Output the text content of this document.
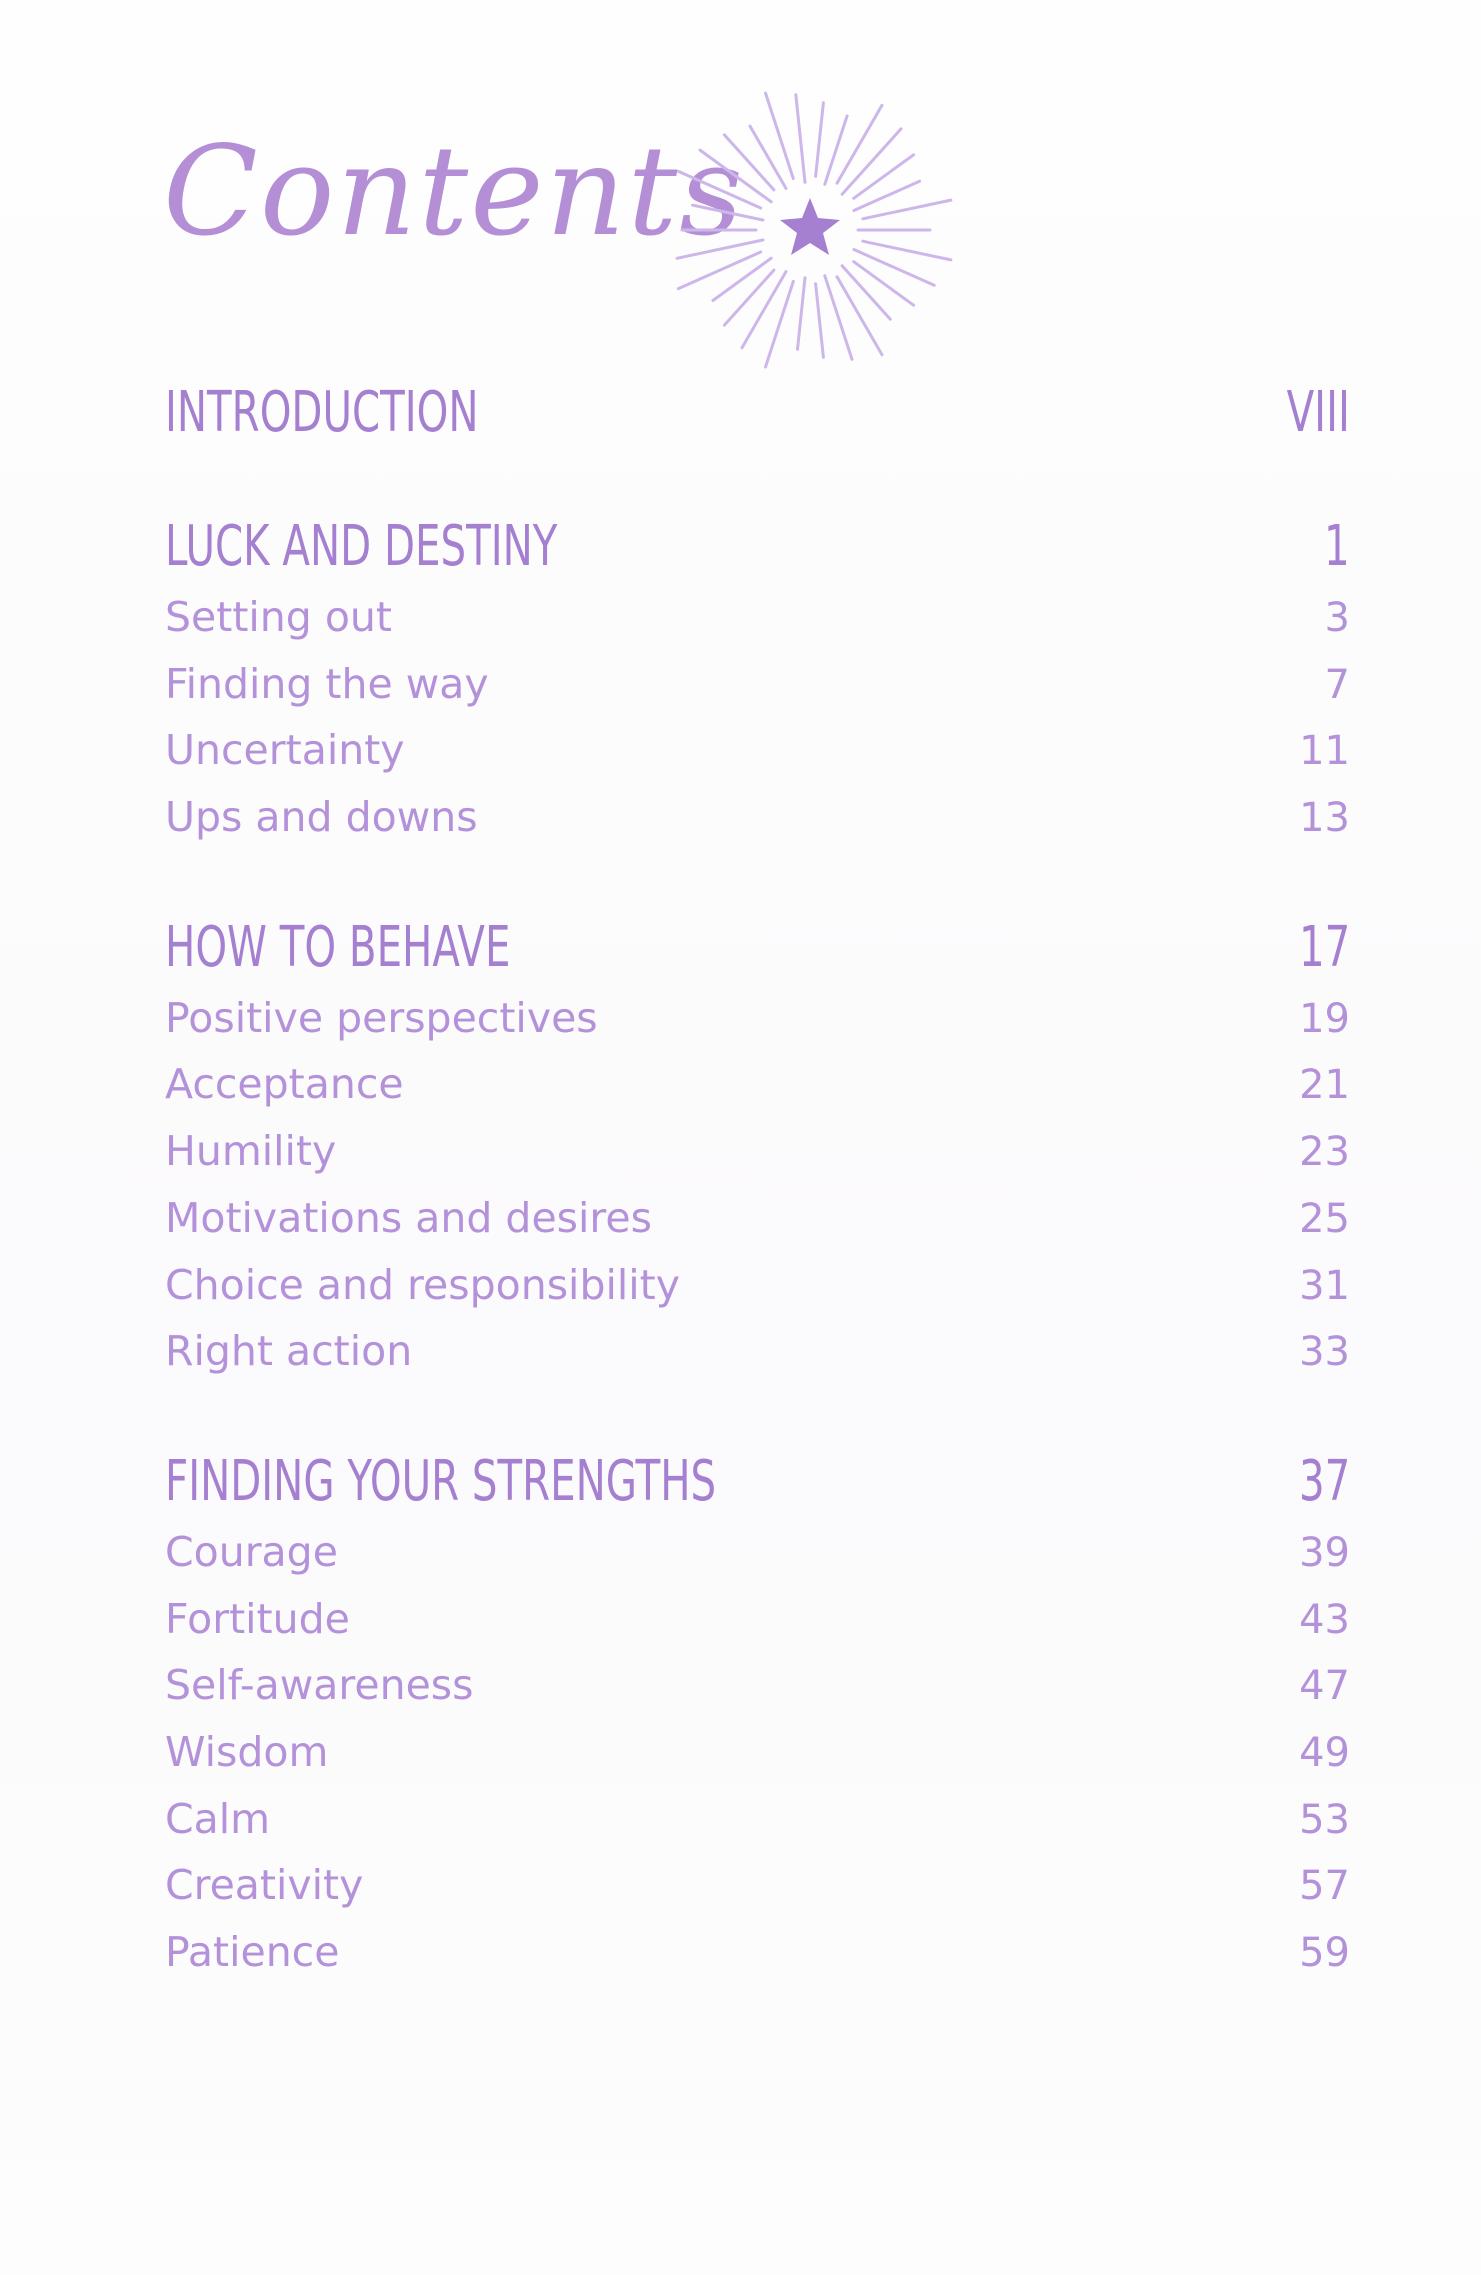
Contents
INTRODUCTION	VIII
LUCK AND DESTINY	1
Setting out	3
Finding the way	7
Uncertainty	11
Ups and downs	13
HOW TO BEHAVE	17
Positive perspectives	19
Acceptance	21
Humility	23
Motivations and desires	25
Choice and responsibility	31
Right action	33
FINDING YOUR STRENGTHS	37
Courage	39
Fortitude	43
Self-awareness	47
Wisdom	49
Calm	53
Creativity	57
Patience	59
